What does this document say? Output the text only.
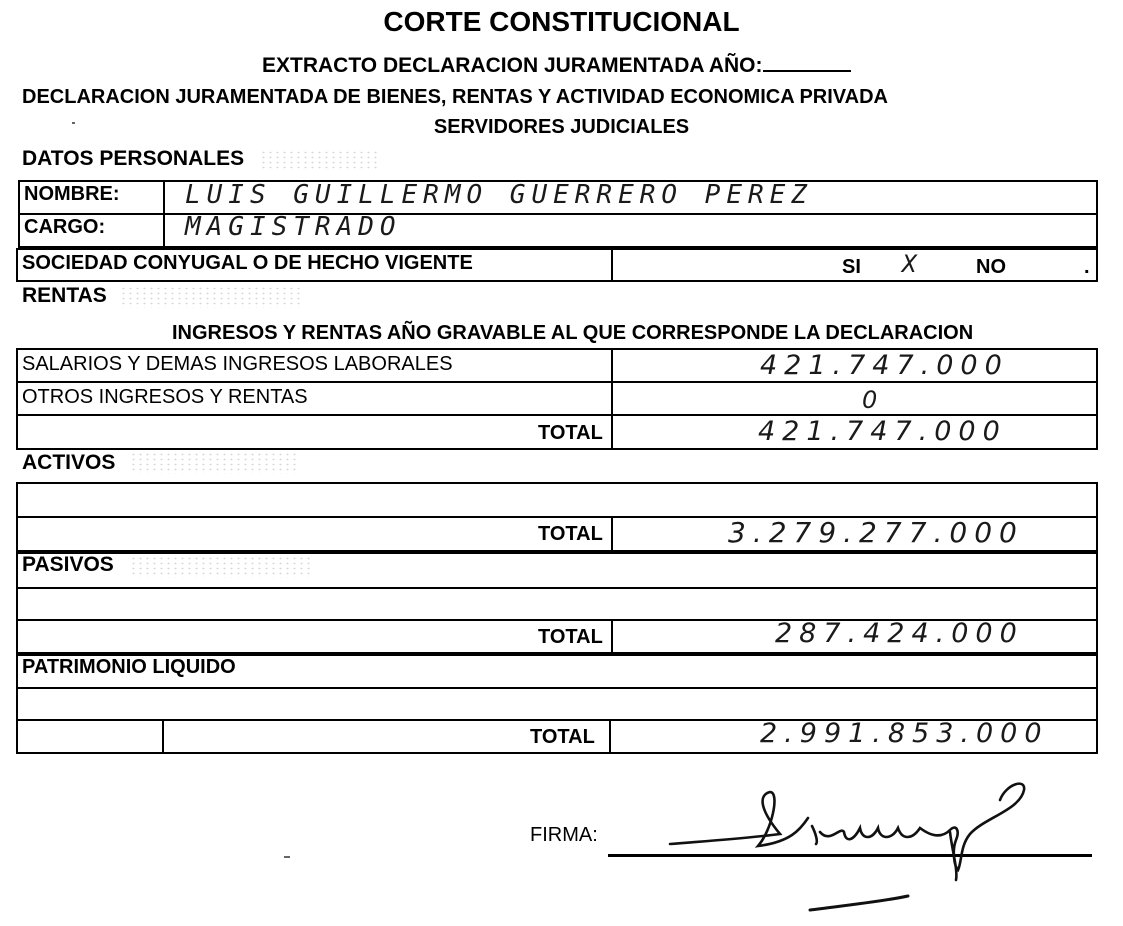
CORTE CONSTITUCIONAL
EXTRACTO DECLARACION JURAMENTADA AÑO:
DECLARACION JURAMENTADA DE BIENES, RENTAS Y ACTIVIDAD ECONOMICA PRIVADA
SERVIDORES JUDICIALES
DATOS PERSONALES
NOMBRE:	LUIS GUILLERMO GUERRERO PEREZ
CARGO:	MAGISTRADO
SOCIEDAD CONYUGAL O DE HECHO VIGENTE	SI X	NO	.
RENTAS
INGRESOS Y RENTAS AÑO GRAVABLE AL QUE CORRESPONDE LA DECLARACION
SALARIOS Y DEMAS INGRESOS LABORALES	421.747.000
OTROS INGRESOS Y RENTAS	0
TOTAL	421.747.000
ACTIVOS
TOTAL	3.279.277.000
PASIVOS
TOTAL	287.424.000
PATRIMONIO LIQUIDO
TOTAL	2.991.853.000
FIRMA:
